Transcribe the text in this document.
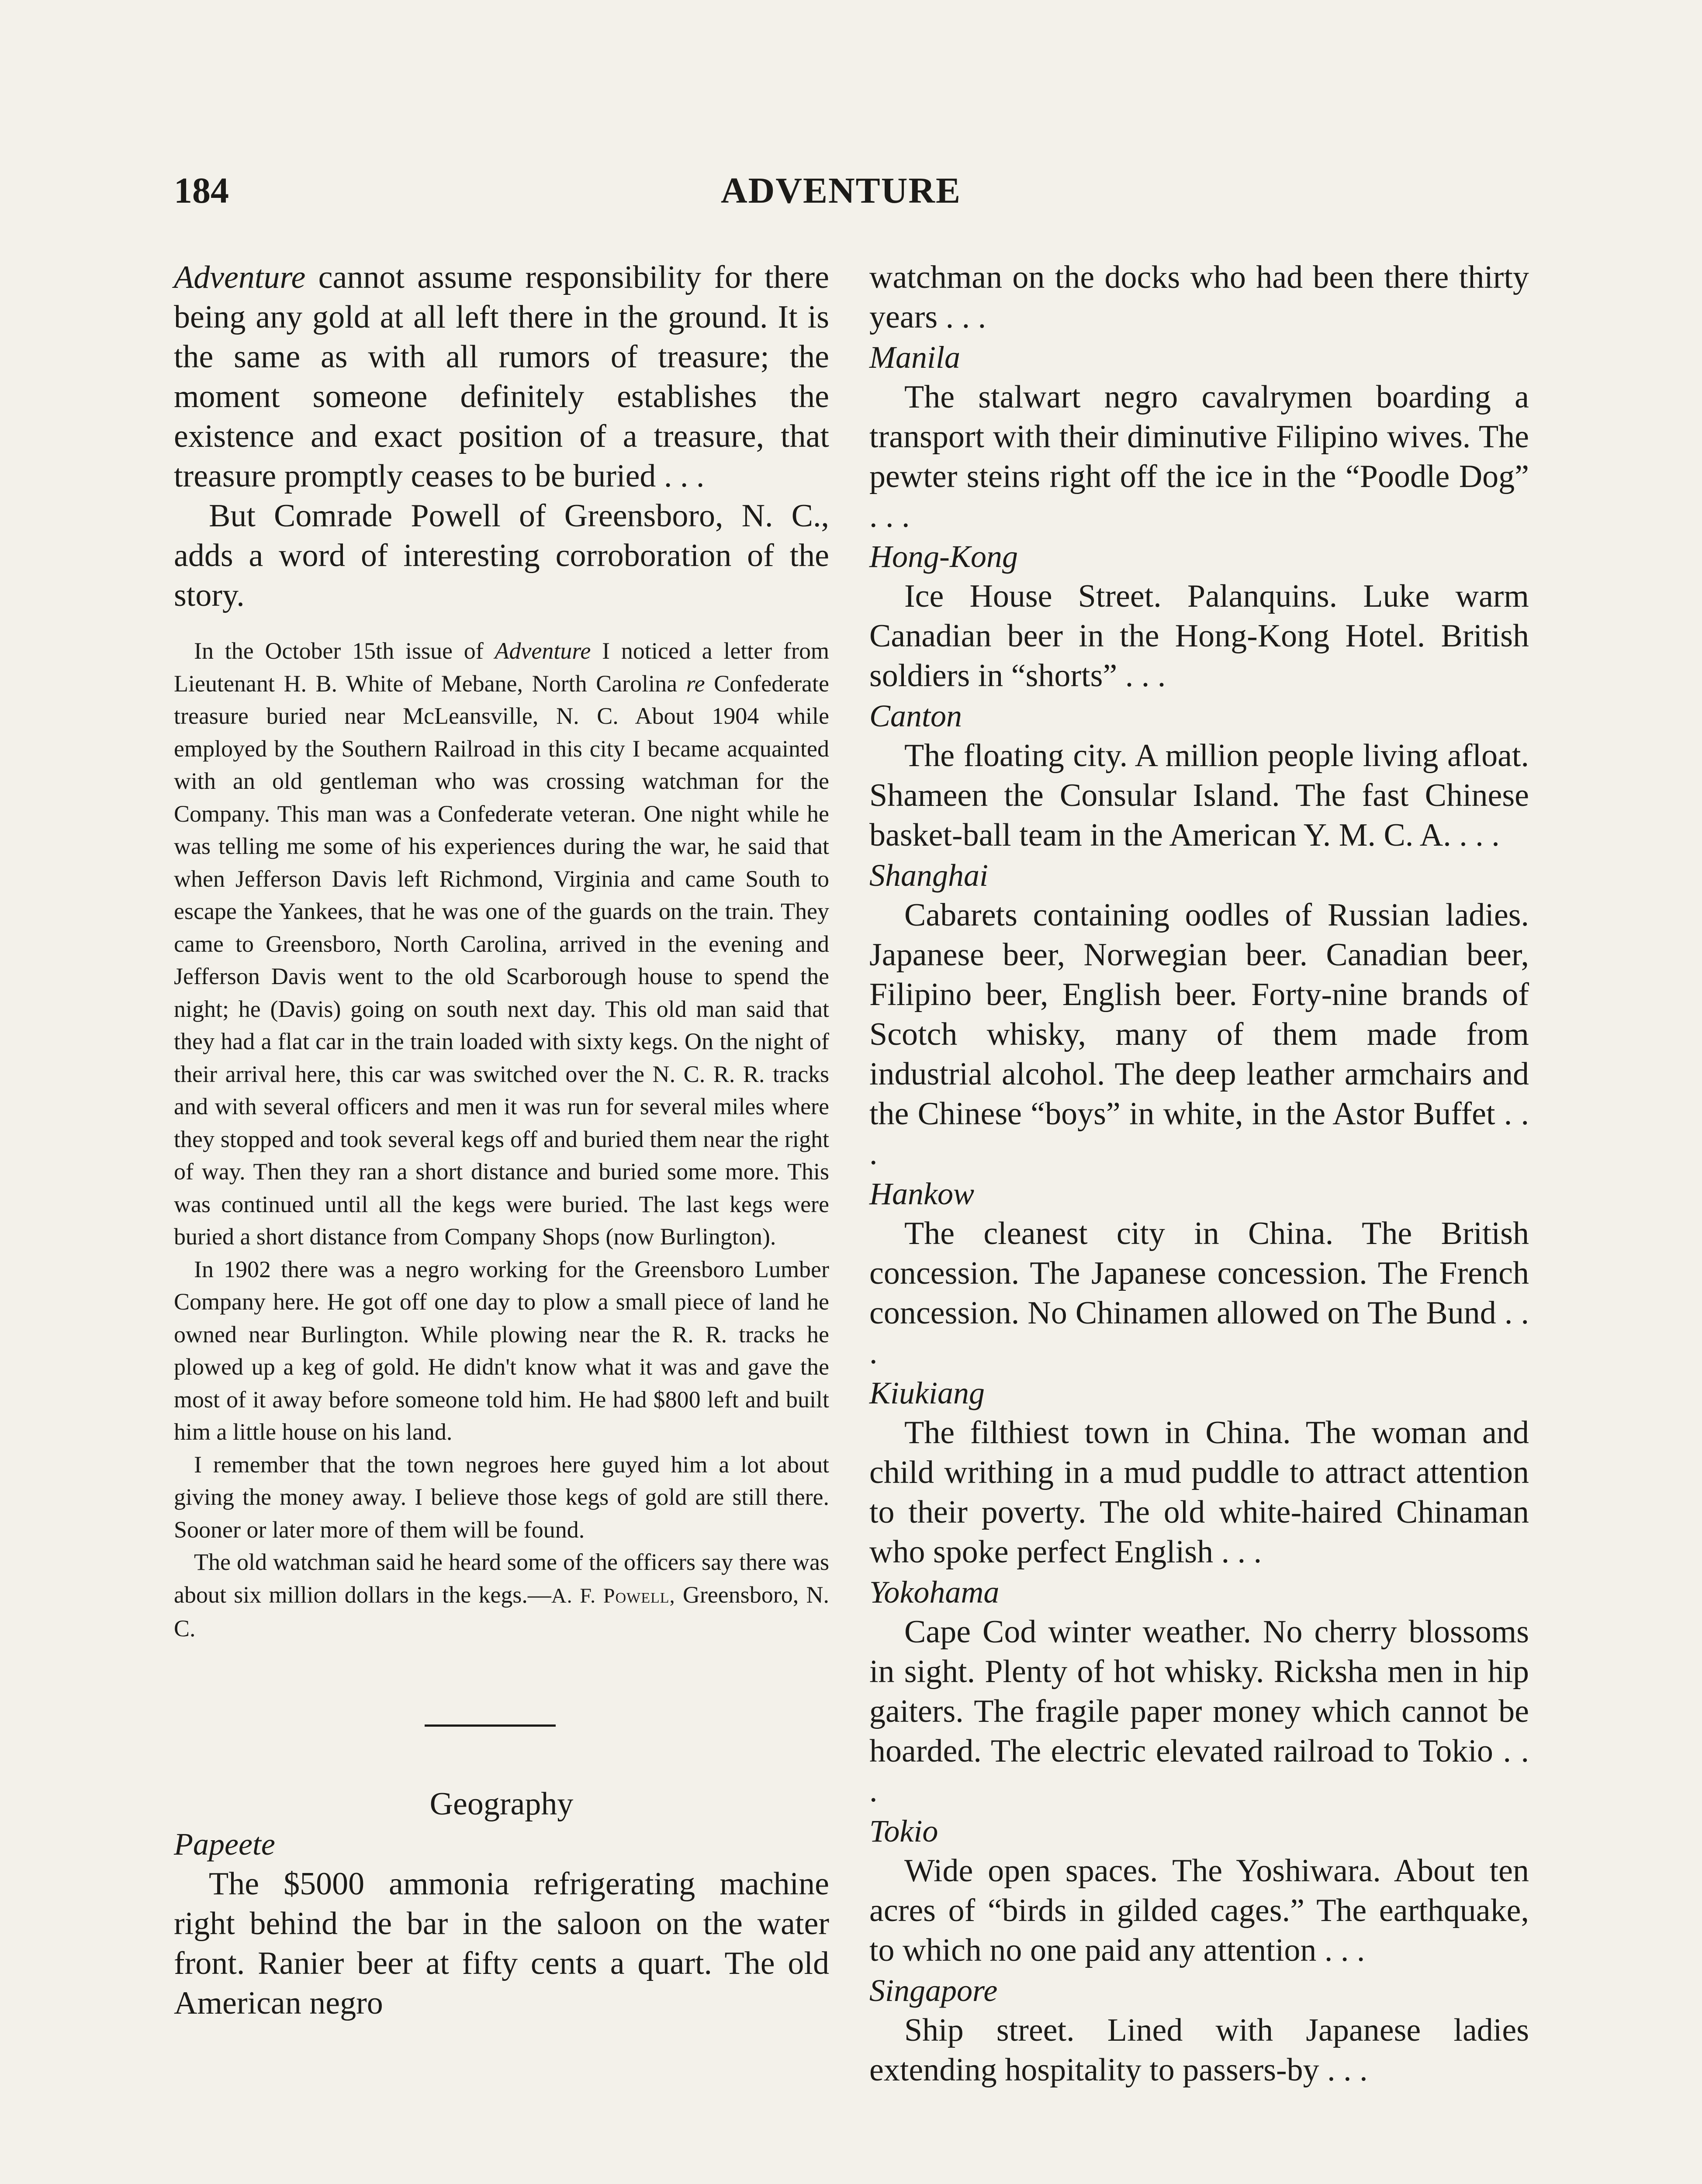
184	ADVENTURE

Adventure cannot assume responsibility for there being any gold at all left there in the ground. It is the same as with all rumors of treasure; the moment someone definitely establishes the existence and exact position of a treasure, that treasure promptly ceases to be buried . . .

But Comrade Powell of Greensboro, N. C., adds a word of interesting corroboration of the story.

In the October 15th issue of Adventure I noticed a letter from Lieutenant H. B. White of Mebane, North Carolina re Confederate treasure buried near McLeansville, N. C. About 1904 while employed by the Southern Railroad in this city I became acquainted with an old gentleman who was crossing watchman for the Company. This man was a Confederate veteran. One night while he was telling me some of his experiences during the war, he said that when Jefferson Davis left Richmond, Virginia and came South to escape the Yankees, that he was one of the guards on the train. They came to Greensboro, North Carolina, arrived in the evening and Jefferson Davis went to the old Scarborough house to spend the night; he (Davis) going on south next day. This old man said that they had a flat car in the train loaded with sixty kegs. On the night of their arrival here, this car was switched over the N. C. R. R. tracks and with several officers and men it was run for several miles where they stopped and took several kegs off and buried them near the right of way. Then they ran a short distance and buried some more. This was continued until all the kegs were buried. The last kegs were buried a short distance from Company Shops (now Burlington).

In 1902 there was a negro working for the Greensboro Lumber Company here. He got off one day to plow a small piece of land he owned near Burlington. While plowing near the R. R. tracks he plowed up a keg of gold. He didn't know what it was and gave the most of it away before someone told him. He had $800 left and built him a little house on his land.

I remember that the town negroes here guyed him a lot about giving the money away. I believe those kegs of gold are still there. Sooner or later more of them will be found.

The old watchman said he heard some of the officers say there was about six million dollars in the kegs.—A. F. Powell, Greensboro, N. C.

Geography

Papeete

The $5000 ammonia refrigerating machine right behind the bar in the saloon on the water front. Ranier beer at fifty cents a quart. The old American negro

watchman on the docks who had been there thirty years . . .

Manila

The stalwart negro cavalrymen boarding a transport with their diminutive Filipino wives. The pewter steins right off the ice in the “Poodle Dog” . . .

Hong-Kong

Ice House Street. Palanquins. Luke warm Canadian beer in the Hong-Kong Hotel. British soldiers in “shorts” . . .

Canton

The floating city. A million people living afloat. Shameen the Consular Island. The fast Chinese basket-ball team in the American Y. M. C. A. . . .

Shanghai

Cabarets containing oodles of Russian ladies. Japanese beer, Norwegian beer. Canadian beer, Filipino beer, English beer. Forty-nine brands of Scotch whisky, many of them made from industrial alcohol. The deep leather armchairs and the Chinese “boys” in white, in the Astor Buffet . . .

Hankow

The cleanest city in China. The British concession. The Japanese concession. The French concession. No Chinamen allowed on The Bund . . .

Kiukiang

The filthiest town in China. The woman and child writhing in a mud puddle to attract attention to their poverty. The old white-haired Chinaman who spoke perfect English . . .

Yokohama

Cape Cod winter weather. No cherry blossoms in sight. Plenty of hot whisky. Ricksha men in hip gaiters. The fragile paper money which cannot be hoarded. The electric elevated railroad to Tokio . . .

Tokio

Wide open spaces. The Yoshiwara. About ten acres of “birds in gilded cages.” The earthquake, to which no one paid any attention . . .

Singapore

Ship street. Lined with Japanese ladies extending hospitality to passers-by . . .
